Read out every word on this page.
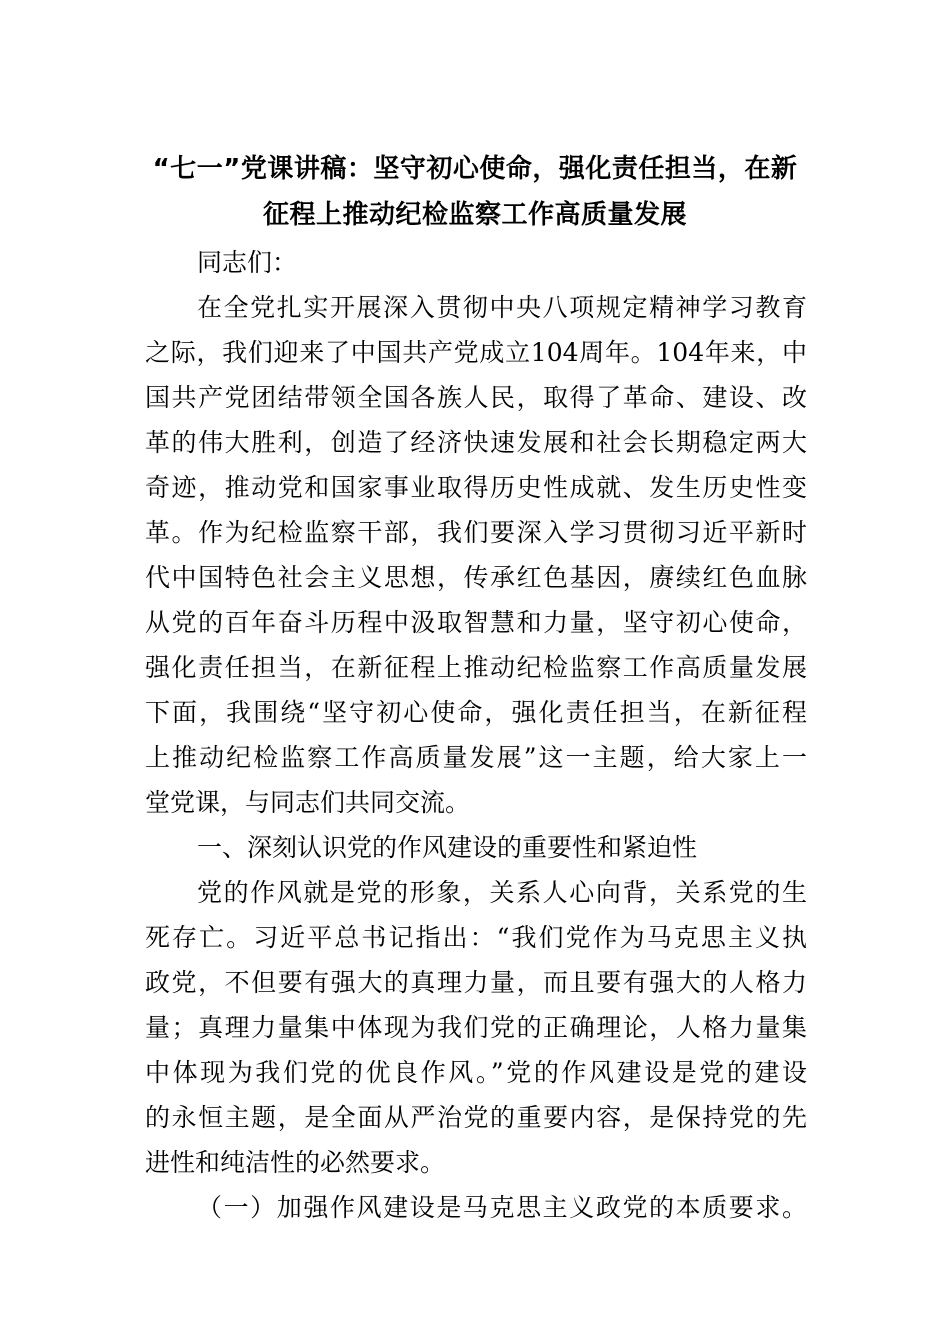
“七一”党课讲稿：坚守初心使命，强化责任担当，在新
征程上推动纪检监察工作高质量发展
同志们：
在全党扎实开展深入贯彻中央八项规定精神学习教育
之际，我们迎来了中国共产党成立104周年。104年来，中
国共产党团结带领全国各族人民，取得了革命、建设、改
革的伟大胜利，创造了经济快速发展和社会长期稳定两大
奇迹，推动党和国家事业取得历史性成就、发生历史性变
革。作为纪检监察干部，我们要深入学习贯彻习近平新时
代中国特色社会主义思想，传承红色基因，赓续红色血脉
从党的百年奋斗历程中汲取智慧和力量，坚守初心使命，
强化责任担当，在新征程上推动纪检监察工作高质量发展
下面，我围绕“坚守初心使命，强化责任担当，在新征程
上推动纪检监察工作高质量发展”这一主题，给大家上一
堂党课，与同志们共同交流。
一、深刻认识党的作风建设的重要性和紧迫性
党的作风就是党的形象，关系人心向背，关系党的生
死存亡。习近平总书记指出：“我们党作为马克思主义执
政党，不但要有强大的真理力量，而且要有强大的人格力
量；真理力量集中体现为我们党的正确理论，人格力量集
中体现为我们党的优良作风。”党的作风建设是党的建设
的永恒主题，是全面从严治党的重要内容，是保持党的先
进性和纯洁性的必然要求。
（一）加强作风建设是马克思主义政党的本质要求。
